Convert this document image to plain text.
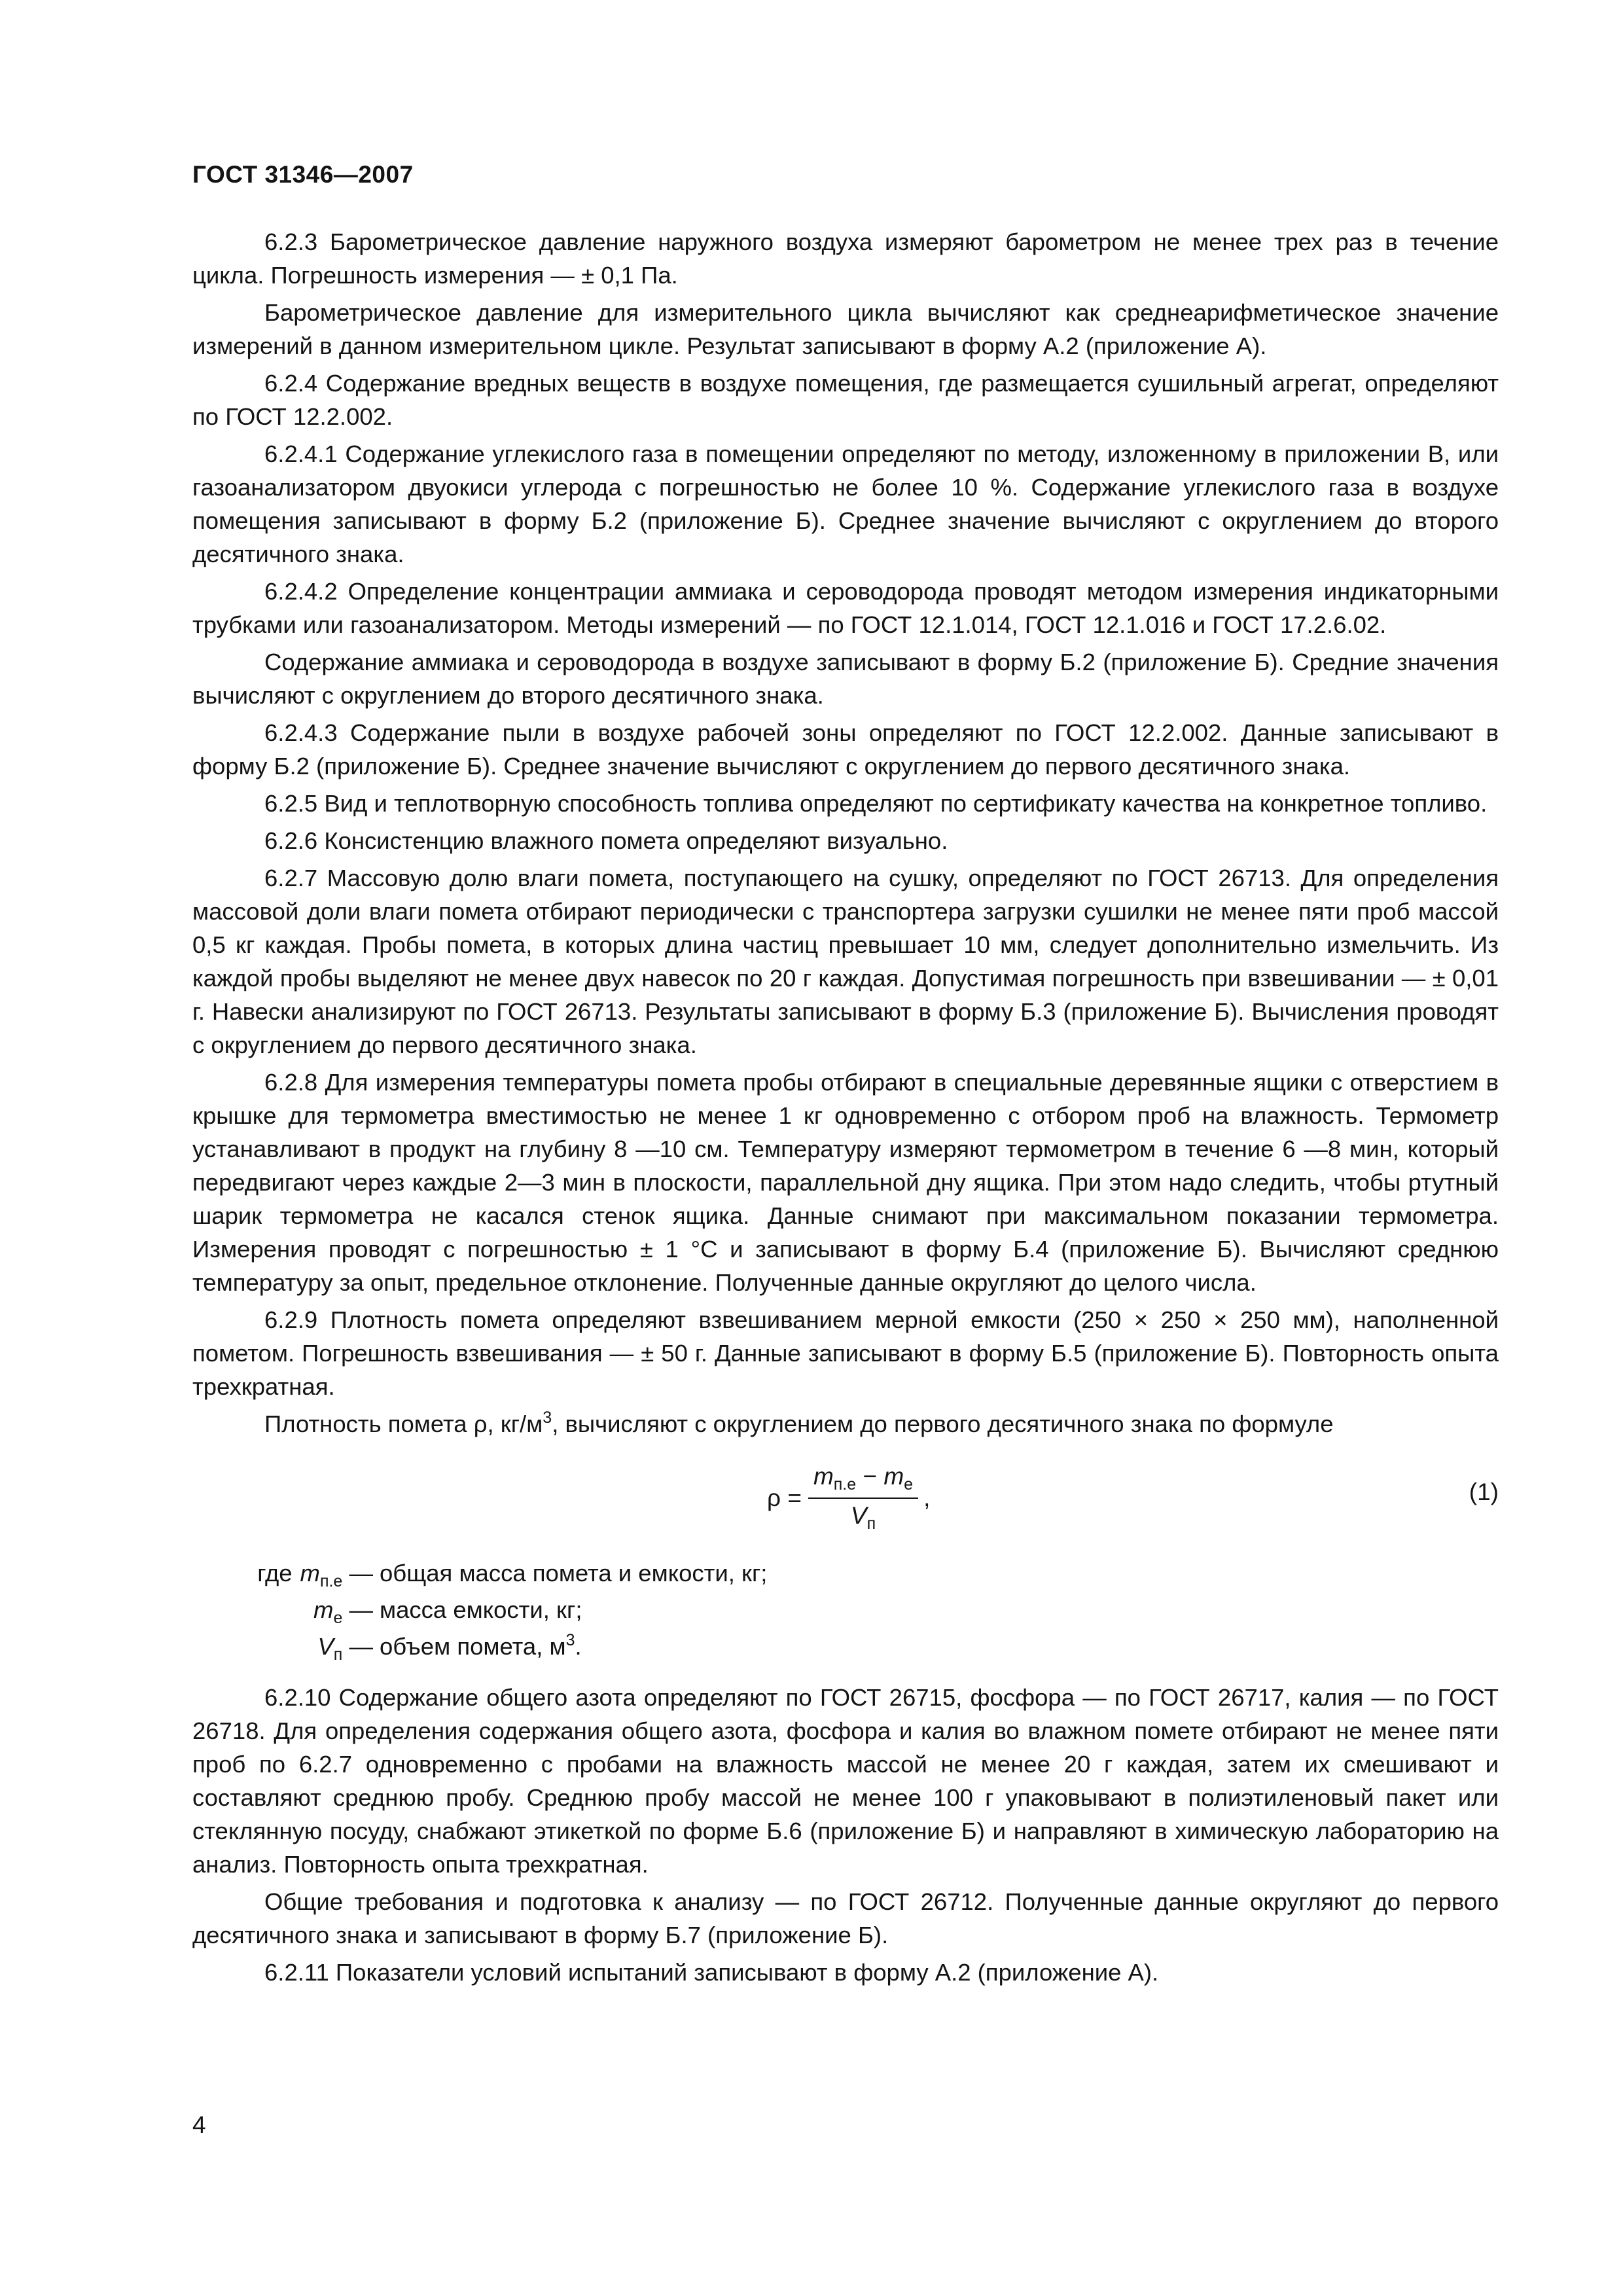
ГОСТ 31346—2007

6.2.3 Барометрическое давление наружного воздуха измеряют барометром не менее трех раз в течение цикла. Погрешность измерения — ± 0,1 Па.

Барометрическое давление для измерительного цикла вычисляют как среднеарифметическое значение измерений в данном измерительном цикле. Результат записывают в форму А.2 (приложение А).

6.2.4 Содержание вредных веществ в воздухе помещения, где размещается сушильный агрегат, определяют по ГОСТ 12.2.002.

6.2.4.1 Содержание углекислого газа в помещении определяют по методу, изложенному в приложении В, или газоанализатором двуокиси углерода с погрешностью не более 10 %. Содержание углекислого газа в воздухе помещения записывают в форму Б.2 (приложение Б). Среднее значение вычисляют с округлением до второго десятичного знака.

6.2.4.2 Определение концентрации аммиака и сероводорода проводят методом измерения индикаторными трубками или газоанализатором. Методы измерений — по ГОСТ 12.1.014, ГОСТ 12.1.016 и ГОСТ 17.2.6.02.

Содержание аммиака и сероводорода в воздухе записывают в форму Б.2 (приложение Б). Средние значения вычисляют с округлением до второго десятичного знака.

6.2.4.3 Содержание пыли в воздухе рабочей зоны определяют по ГОСТ 12.2.002. Данные записывают в форму Б.2 (приложение Б). Среднее значение вычисляют с округлением до первого десятичного знака.

6.2.5 Вид и теплотворную способность топлива определяют по сертификату качества на конкретное топливо.

6.2.6 Консистенцию влажного помета определяют визуально.

6.2.7 Массовую долю влаги помета, поступающего на сушку, определяют по ГОСТ 26713. Для определения массовой доли влаги помета отбирают периодически с транспортера загрузки сушилки не менее пяти проб массой 0,5 кг каждая. Пробы помета, в которых длина частиц превышает 10 мм, следует дополнительно измельчить. Из каждой пробы выделяют не менее двух навесок по 20 г каждая. Допустимая погрешность при взвешивании — ± 0,01 г. Навески анализируют по ГОСТ 26713. Результаты записывают в форму Б.3 (приложение Б). Вычисления проводят с округлением до первого десятичного знака.

6.2.8 Для измерения температуры помета пробы отбирают в специальные деревянные ящики с отверстием в крышке для термометра вместимостью не менее 1 кг одновременно с отбором проб на влажность. Термометр устанавливают в продукт на глубину 8 —10 см. Температуру измеряют термометром в течение 6 —8 мин, который передвигают через каждые 2—3 мин в плоскости, параллельной дну ящика. При этом надо следить, чтобы ртутный шарик термометра не касался стенок ящика. Данные снимают при максимальном показании термометра. Измерения проводят с погрешностью ± 1 °С и записывают в форму Б.4 (приложение Б). Вычисляют среднюю температуру за опыт, предельное отклонение. Полученные данные округляют до целого числа.

6.2.9 Плотность помета определяют взвешиванием мерной емкости (250 × 250 × 250 мм), наполненной пометом. Погрешность взвешивания — ± 50 г. Данные записывают в форму Б.5 (приложение Б). Повторность опыта трехкратная.

Плотность помета ρ, $кг/м^3$, вычисляют с округлением до первого десятичного знака по формуле

$\rho = \frac{m_{п.е} - m_е}{V_п}$ ,	(1)
где $m_{п.е}$ — общая масса помета и емкости, кг;
$m_е$ — масса емкости, кг;
$V_п$ — объем помета, $м^3$.

6.2.10 Содержание общего азота определяют по ГОСТ 26715, фосфора — по ГОСТ 26717, калия — по ГОСТ 26718. Для определения содержания общего азота, фосфора и калия во влажном помете отбирают не менее пяти проб по 6.2.7 одновременно с пробами на влажность массой не менее 20 г каждая, затем их смешивают и составляют среднюю пробу. Среднюю пробу массой не менее 100 г упаковывают в полиэтиленовый пакет или стеклянную посуду, снабжают этикеткой по форме Б.6 (приложение Б) и направляют в химическую лабораторию на анализ. Повторность опыта трехкратная.

Общие требования и подготовка к анализу — по ГОСТ 26712. Полученные данные округляют до первого десятичного знака и записывают в форму Б.7 (приложение Б).

6.2.11 Показатели условий испытаний записывают в форму А.2 (приложение А).

4
